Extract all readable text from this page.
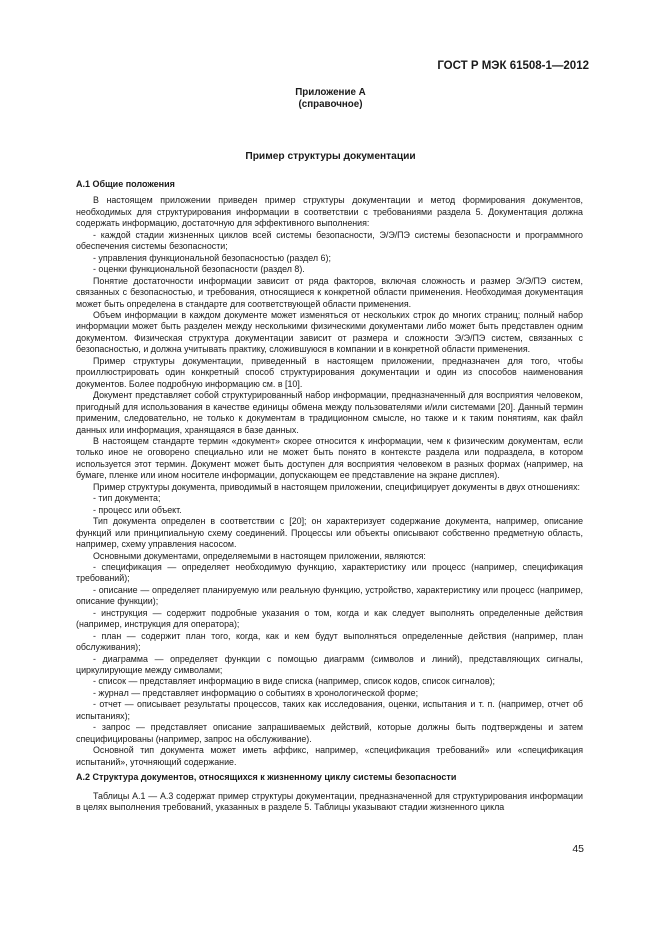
ГОСТ Р МЭК 61508-1—2012
Приложение А
(справочное)
Пример структуры документации
А.1 Общие положения

В настоящем приложении приведен пример структуры документации и метод формирования документов, необходимых для структурирования информации в соответствии с требованиями раздела 5. Документация должна содержать информацию, достаточную для эффективного выполнения:

- каждой стадии жизненных циклов всей системы безопасности, Э/Э/ПЭ системы безопасности и программного обеспечения системы безопасности;
- управления функциональной безопасностью (раздел 6);
- оценки функциональной безопасности (раздел 8).

Понятие достаточности информации зависит от ряда факторов, включая сложность и размер Э/Э/ПЭ систем, связанных с безопасностью, и требования, относящиеся к конкретной области применения. Необходимая документация может быть определена в стандарте для соответствующей области применения.

Объем информации в каждом документе может изменяться от нескольких строк до многих страниц; полный набор информации может быть разделен между несколькими физическими документами либо может быть представлен одним документом. Физическая структура документации зависит от размера и сложности Э/Э/ПЭ систем, связанных с безопасностью, и должна учитывать практику, сложившуюся в компании и в конкретной области применения.

Пример структуры документации, приведенный в настоящем приложении, предназначен для того, чтобы проиллюстрировать один конкретный способ структурирования документации и один из способов наименования документов. Более подробную информацию см. в [10].

Документ представляет собой структурированный набор информации, предназначенный для восприятия человеком, пригодный для использования в качестве единицы обмена между пользователями и/или системами [20]. Данный термин применим, следовательно, не только к документам в традиционном смысле, но также и к таким понятиям, как файл данных или информация, хранящаяся в базе данных.

В настоящем стандарте термин «документ» скорее относится к информации, чем к физическим документам, если только иное не оговорено специально или не может быть понято в контексте раздела или подраздела, в котором используется этот термин. Документ может быть доступен для восприятия человеком в разных формах (например, на бумаге, пленке или ином носителе информации, допускающем ее представление на экране дисплея).

Пример структуры документа, приводимый в настоящем приложении, специфицирует документы в двух отношениях:

- тип документа;
- процесс или объект.

Тип документа определен в соответствии с [20]; он характеризует содержание документа, например, описание функций или принципиальную схему соединений. Процессы или объекты описывают собственно предметную область, например, схему управления насосом.

Основными документами, определяемыми в настоящем приложении, являются:

- спецификация — определяет необходимую функцию, характеристику или процесс (например, спецификация требований);
- описание — определяет планируемую или реальную функцию, устройство, характеристику или процесс (например, описание функции);
- инструкция — содержит подробные указания о том, когда и как следует выполнять определенные действия (например, инструкция для оператора);
- план — содержит план того, когда, как и кем будут выполняться определенные действия (например, план обслуживания);
- диаграмма — определяет функции с помощью диаграмм (символов и линий), представляющих сигналы, циркулирующие между символами;
- список — представляет информацию в виде списка (например, список кодов, список сигналов);
- журнал — представляет информацию о событиях в хронологической форме;
- отчет — описывает результаты процессов, таких как исследования, оценки, испытания и т. п. (например, отчет об испытаниях);
- запрос — представляет описание запрашиваемых действий, которые должны быть подтверждены и затем специфицированы (например, запрос на обслуживание).

Основной тип документа может иметь аффикс, например, «спецификация требований» или «спецификация испытаний», уточняющий содержание.

А.2 Структура документов, относящихся к жизненному циклу системы безопасности

Таблицы А.1 — А.3 содержат пример структуры документации, предназначенной для структурирования информации в целях выполнения требований, указанных в разделе 5. Таблицы указывают стадии жизненного цикла

45
